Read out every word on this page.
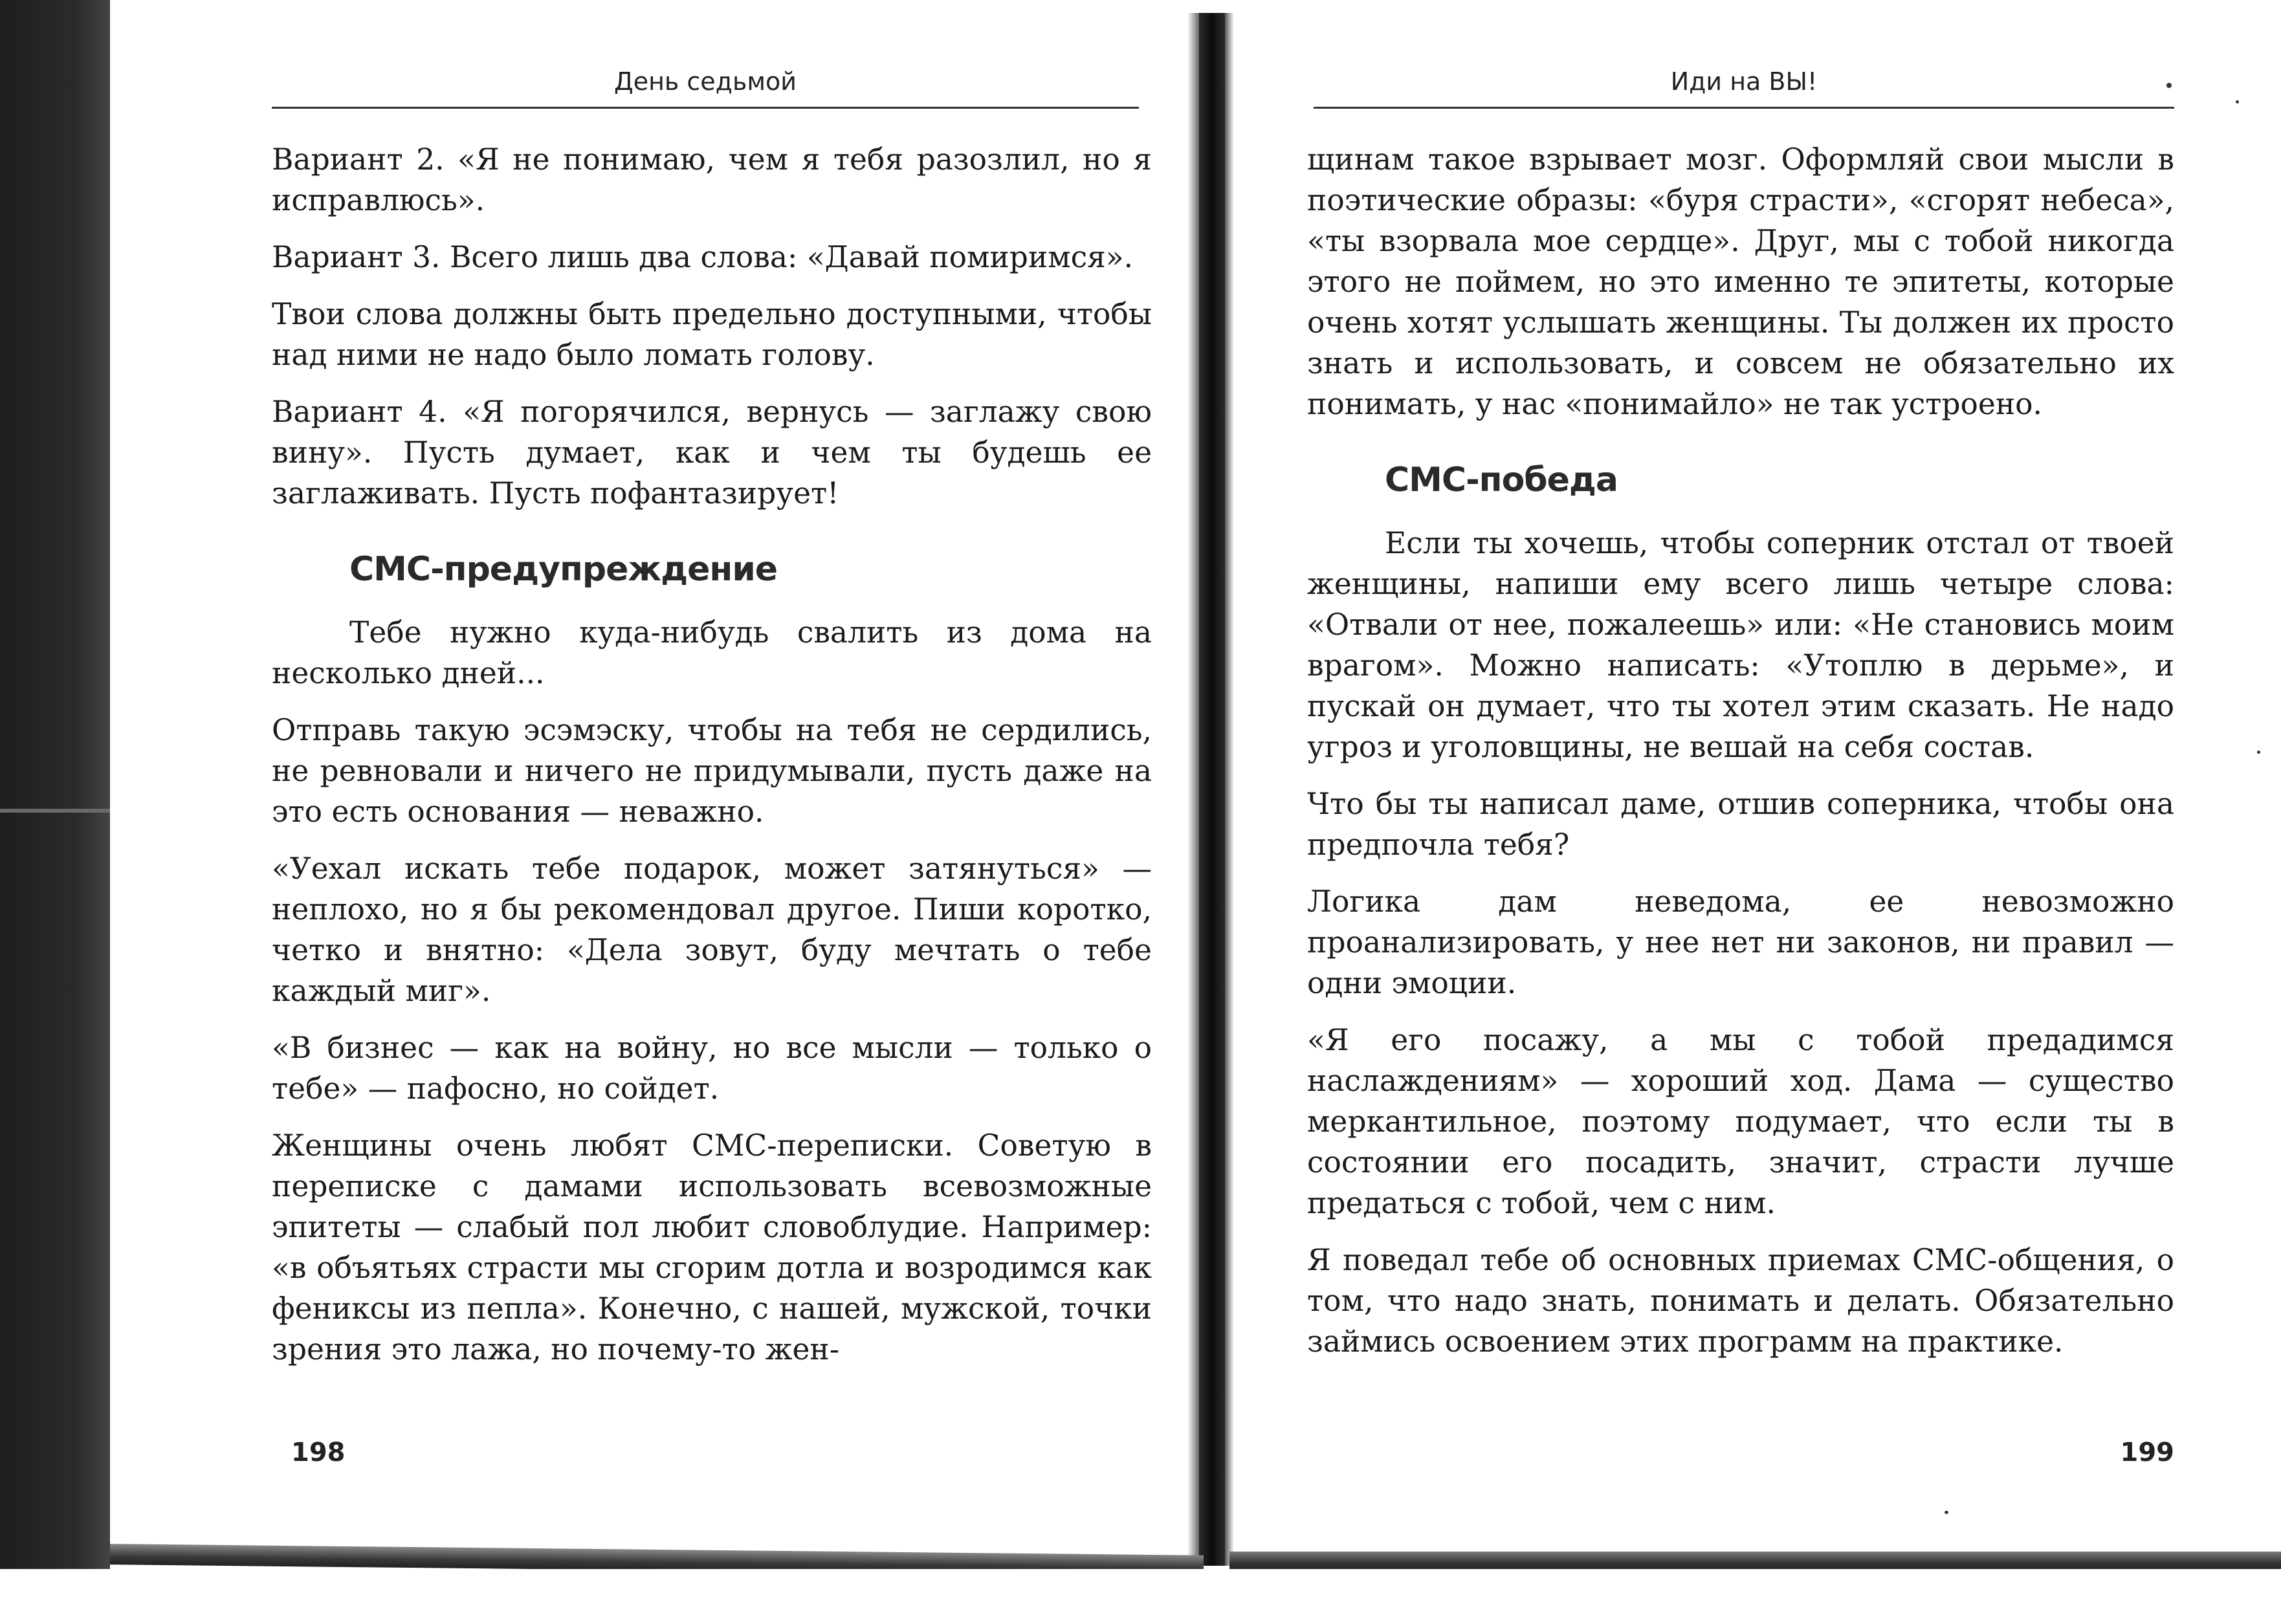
День седьмой

Вариант 2. «Я не понимаю, чем я тебя разозлил, но я исправлюсь».

Вариант 3. Всего лишь два слова: «Давай помиримся».

Твои слова должны быть предельно доступными, чтобы над ними не надо было ломать голову.

Вариант 4. «Я погорячился, вернусь — заглажу свою вину». Пусть думает, как и чем ты будешь ее заглаживать. Пусть пофантазирует!

СМС-предупреждение

Тебе нужно куда-нибудь свалить из дома на несколько дней...

Отправь такую эсэмэску, чтобы на тебя не сердились, не ревновали и ничего не придумывали, пусть даже на это есть основания — неважно.

«Уехал искать тебе подарок, может затянуться» — неплохо, но я бы рекомендовал другое. Пиши коротко, четко и внятно: «Дела зовут, буду мечтать о тебе каждый миг».

«В бизнес — как на войну, но все мысли — только о тебе» — пафосно, но сойдет.

Женщины очень любят СМС-переписки. Советую в переписке с дамами использовать всевозможные эпитеты — слабый пол любит словоблудие. Например: «в объятьях страсти мы сгорим дотла и возродимся как фениксы из пепла». Конечно, с нашей, мужской, точки зрения это лажа, но почему-то жен-

198
Иди на ВЫ!

щинам такое взрывает мозг. Оформляй свои мысли в поэтические образы: «буря страсти», «сгорят небеса», «ты взорвала мое сердце». Друг, мы с тобой никогда этого не поймем, но это именно те эпитеты, которые очень хотят услышать женщины. Ты должен их просто знать и использовать, и совсем не обязательно их понимать, у нас «понимайло» не так устроено.

СМС-победа

Если ты хочешь, чтобы соперник отстал от твоей женщины, напиши ему всего лишь четыре слова: «Отвали от нее, пожалеешь» или: «Не становись моим врагом». Можно написать: «Утоплю в дерьме», и пускай он думает, что ты хотел этим сказать. Не надо угроз и уголовщины, не вешай на себя состав.

Что бы ты написал даме, отшив соперника, чтобы она предпочла тебя?

Логика дам неведома, ее невозможно проанализировать, у нее нет ни законов, ни правил — одни эмоции.

«Я его посажу, а мы с тобой предадимся наслаждениям» — хороший ход. Дама — существо меркантильное, поэтому подумает, что если ты в состоянии его посадить, значит, страсти лучше предаться с тобой, чем с ним.

Я поведал тебе об основных приемах СМС-общения, о том, что надо знать, понимать и делать. Обязательно займись освоением этих программ на практике.

199
